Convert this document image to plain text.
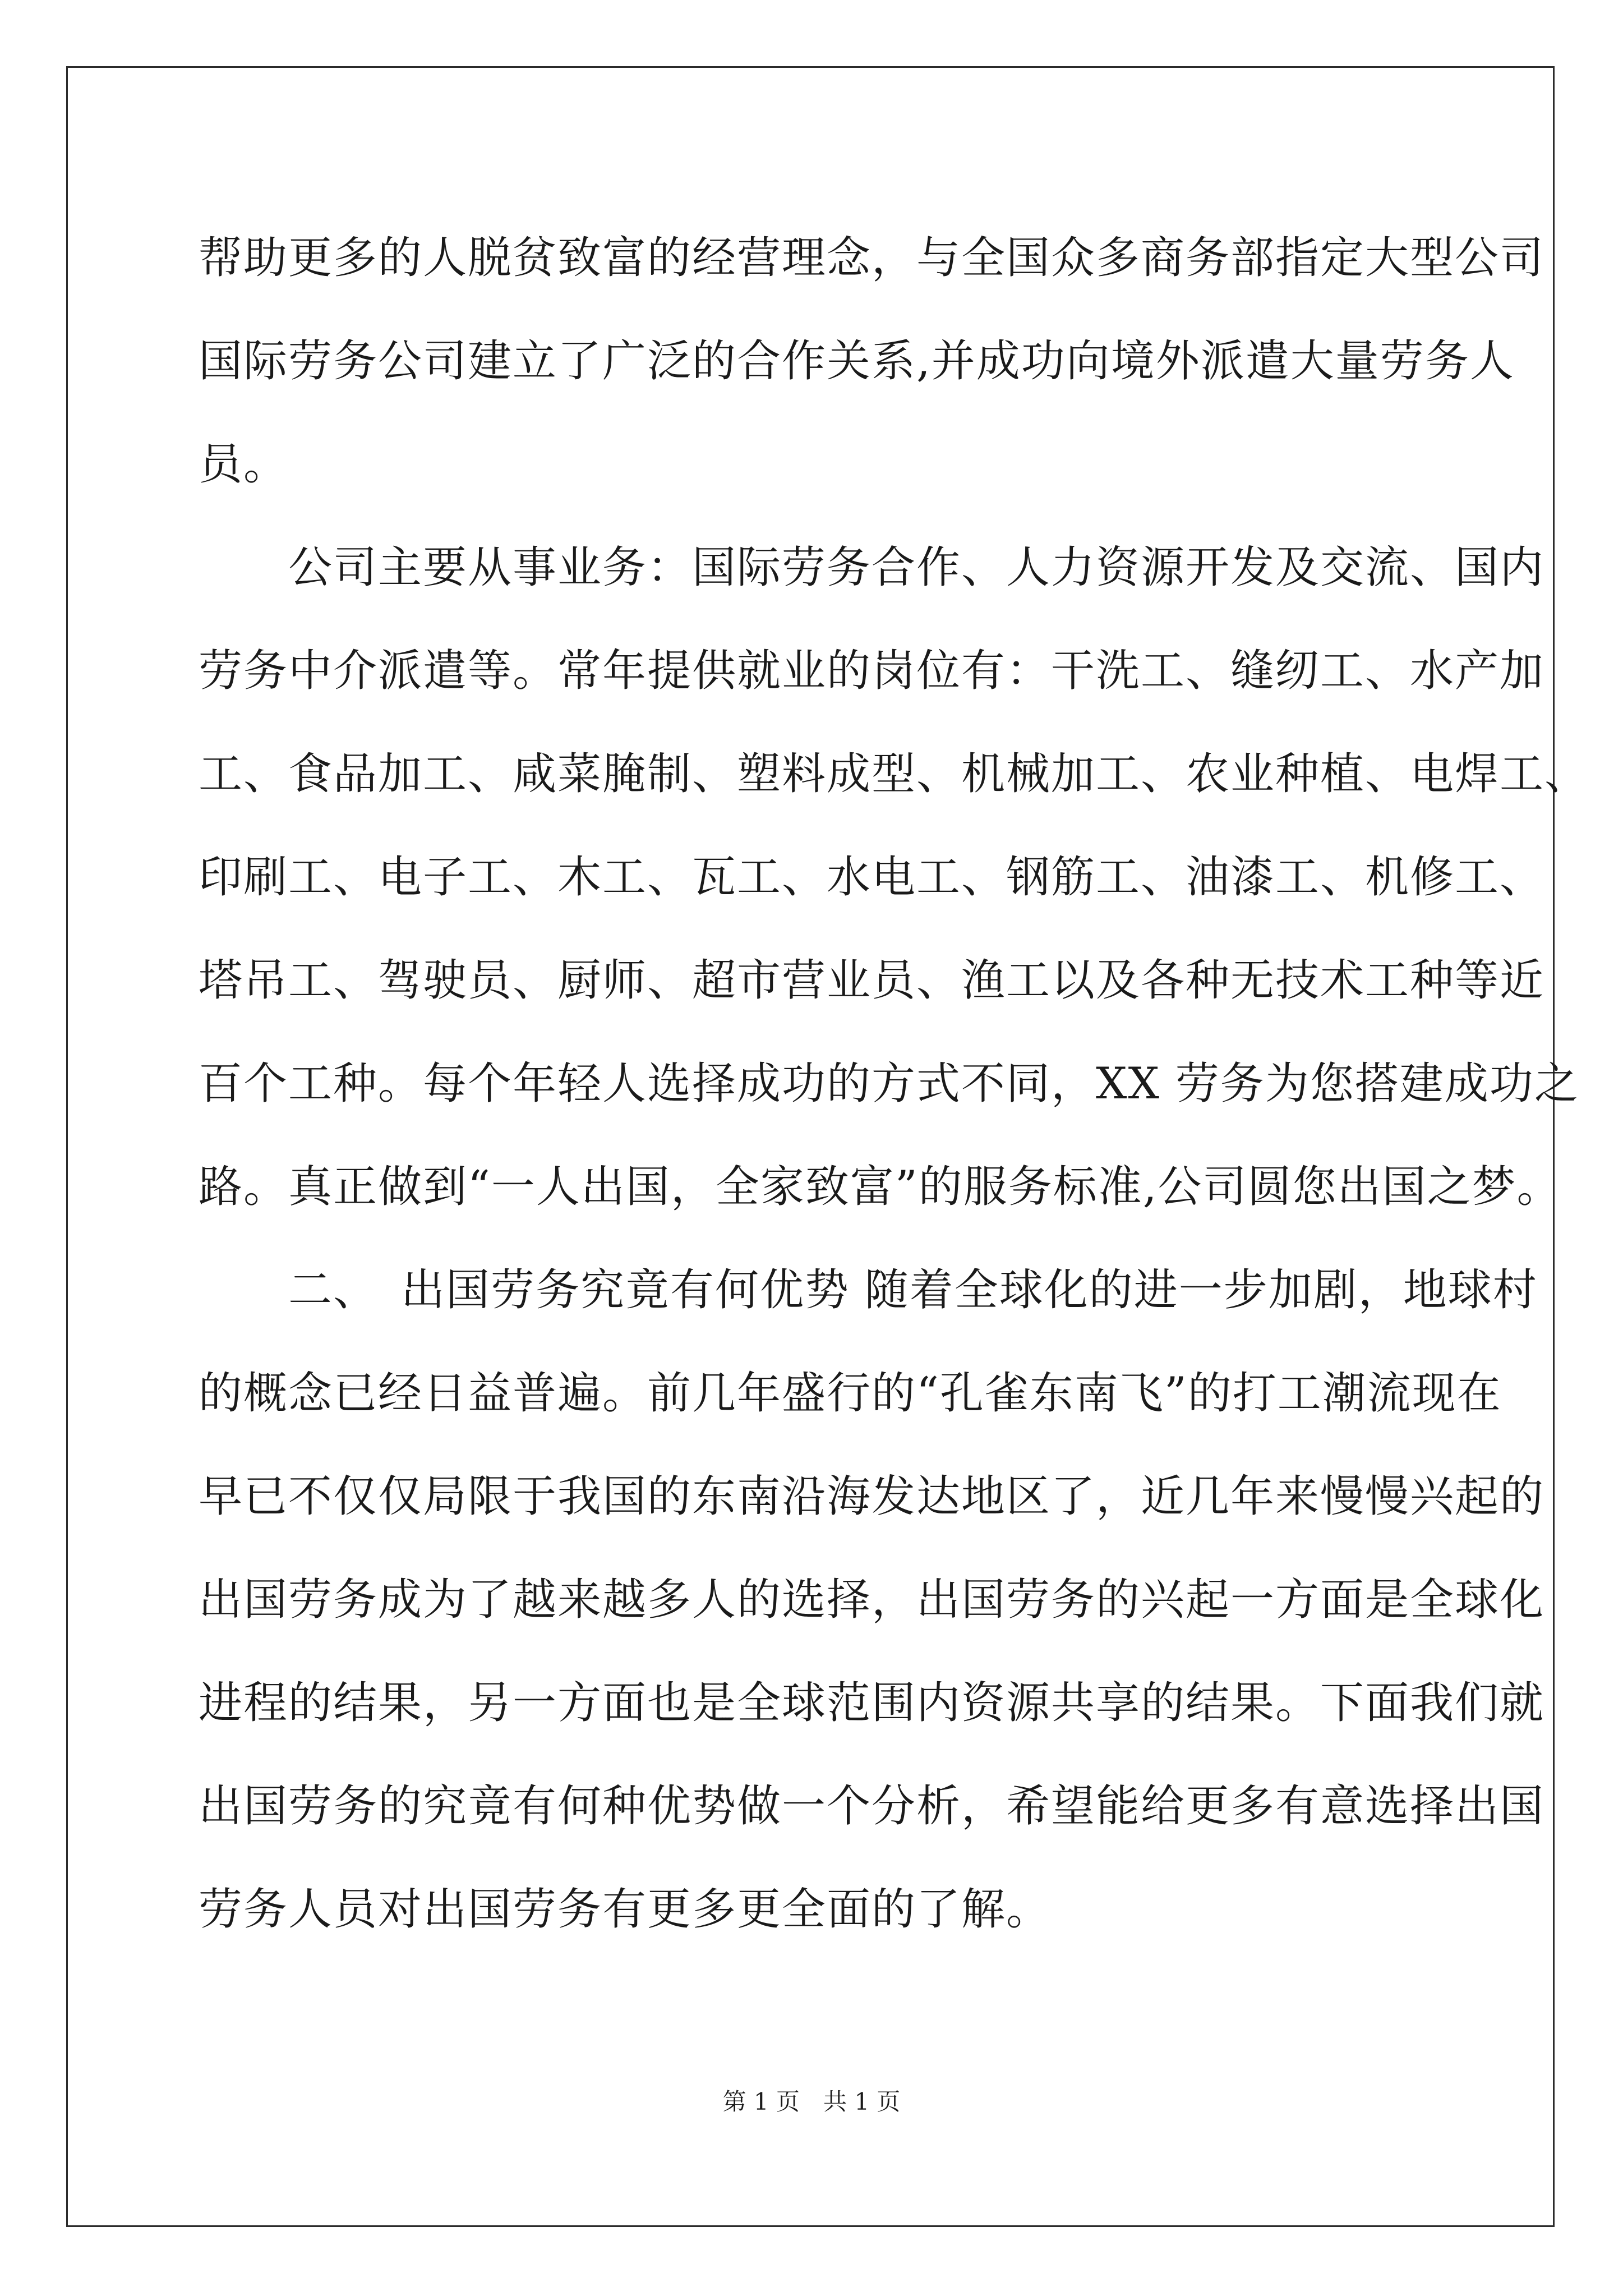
帮助更多的人脱贫致富的经营理念，与全国众多商务部指定大型公司
国际劳务公司建立了广泛的合作关系,并成功向境外派遣大量劳务人
员。
　　公司主要从事业务：国际劳务合作、人力资源开发及交流、国内
劳务中介派遣等。常年提供就业的岗位有：干洗工、缝纫工、水产加
工、食品加工、咸菜腌制、塑料成型、机械加工、农业种植、电焊工、
印刷工、电子工、木工、瓦工、水电工、钢筋工、油漆工、机修工、
塔吊工、驾驶员、厨师、超市营业员、渔工以及各种无技术工种等近
百个工种。每个年轻人选择成功的方式不同，XX 劳务为您搭建成功之
路。真正做到“一人出国，全家致富”的服务标准,公司圆您出国之梦。
　　二、　出国劳务究竟有何优势 随着全球化的进一步加剧，地球村
的概念已经日益普遍。前几年盛行的“孔雀东南飞”的打工潮流现在
早已不仅仅局限于我国的东南沿海发达地区了，近几年来慢慢兴起的
出国劳务成为了越来越多人的选择，出国劳务的兴起一方面是全球化
进程的结果，另一方面也是全球范围内资源共享的结果。下面我们就
出国劳务的究竟有何种优势做一个分析，希望能给更多有意选择出国
劳务人员对出国劳务有更多更全面的了解。
第 1 页　共 1 页
